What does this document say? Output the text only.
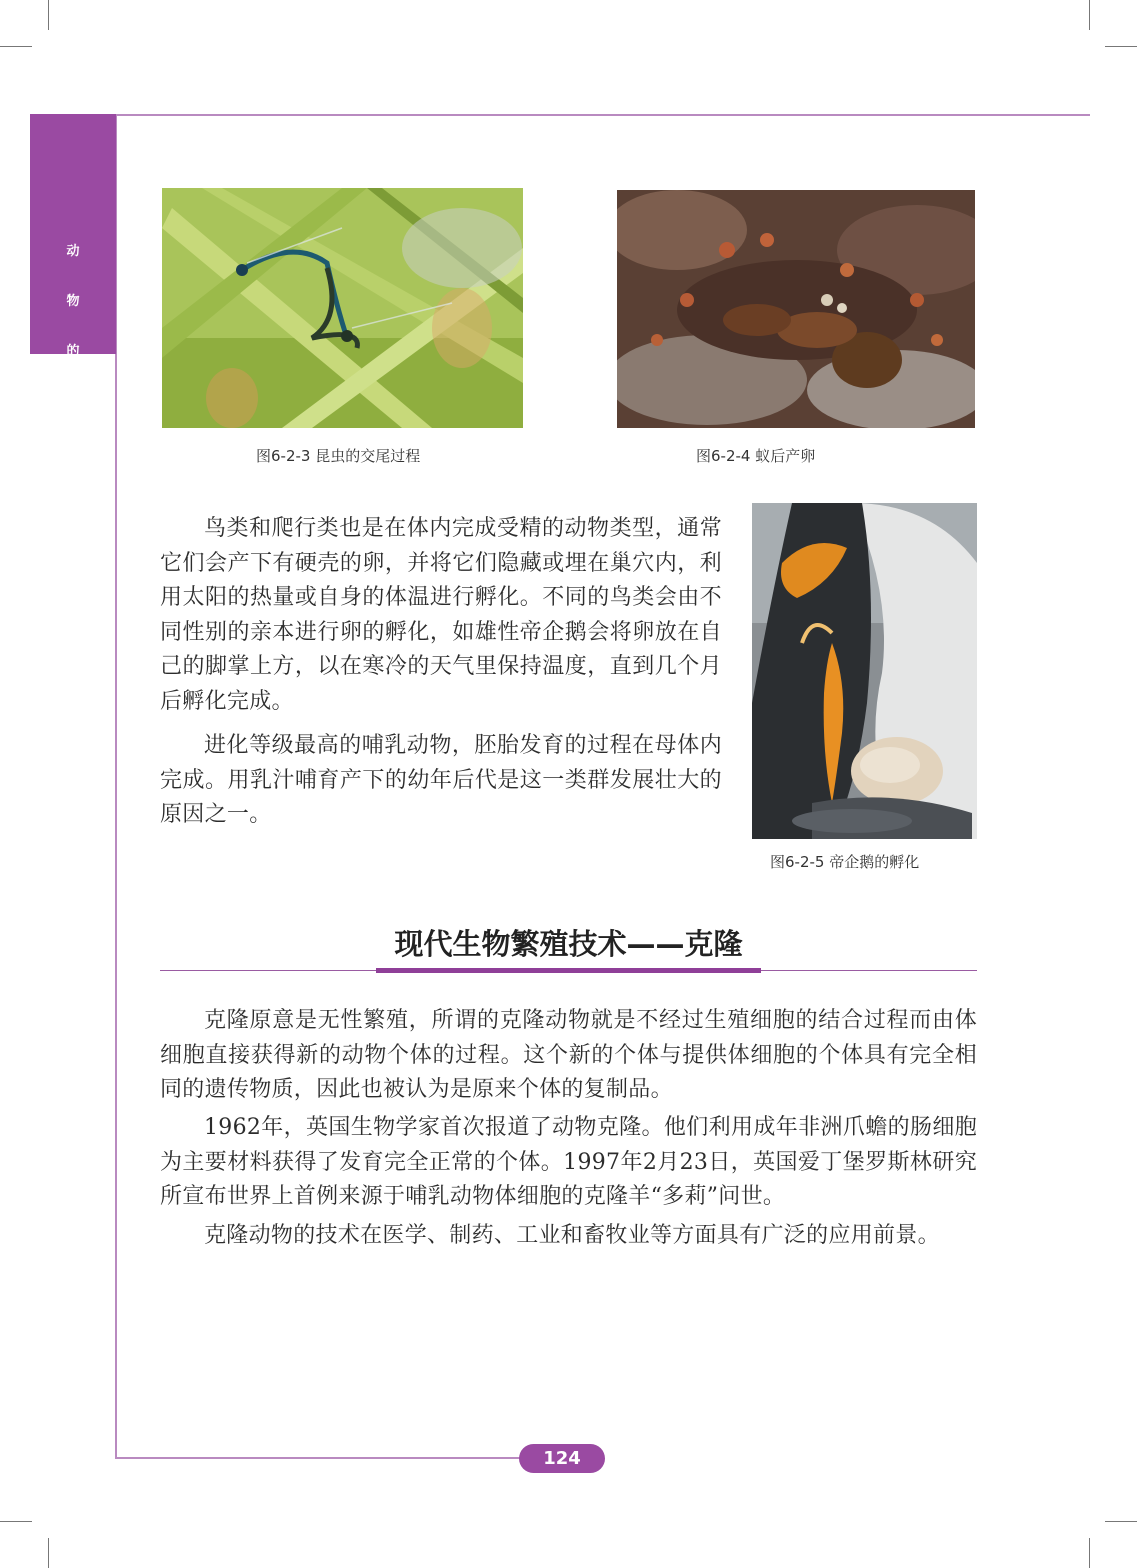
动
物
的
繁
殖	图6-2-3 昆虫的交尾过程	图6-2-4 蚁后产卵

鸟类和爬行类也是在体内完成受精的动物类型，通常它们会产下有硬壳的卵，并将它们隐藏或埋在巢穴内，利用太阳的热量或自身的体温进行孵化。不同的鸟类会由不同性别的亲本进行卵的孵化，如雄性帝企鹅会将卵放在自己的脚掌上方，以在寒冷的天气里保持温度，直到几个月后孵化完成。

进化等级最高的哺乳动物，胚胎发育的过程在母体内完成。用乳汁哺育产下的幼年后代是这一类群发展壮大的原因之一。

图6-2-5 帝企鹅的孵化
现代生物繁殖技术——克隆

克隆原意是无性繁殖，所谓的克隆动物就是不经过生殖细胞的结合过程而由体细胞直接获得新的动物个体的过程。这个新的个体与提供体细胞的个体具有完全相同的遗传物质，因此也被认为是原来个体的复制品。

1962年，英国生物学家首次报道了动物克隆。他们利用成年非洲爪蟾的肠细胞为主要材料获得了发育完全正常的个体。1997年2月23日，英国爱丁堡罗斯林研究所宣布世界上首例来源于哺乳动物体细胞的克隆羊“多莉”问世。

克隆动物的技术在医学、制药、工业和畜牧业等方面具有广泛的应用前景。

124
